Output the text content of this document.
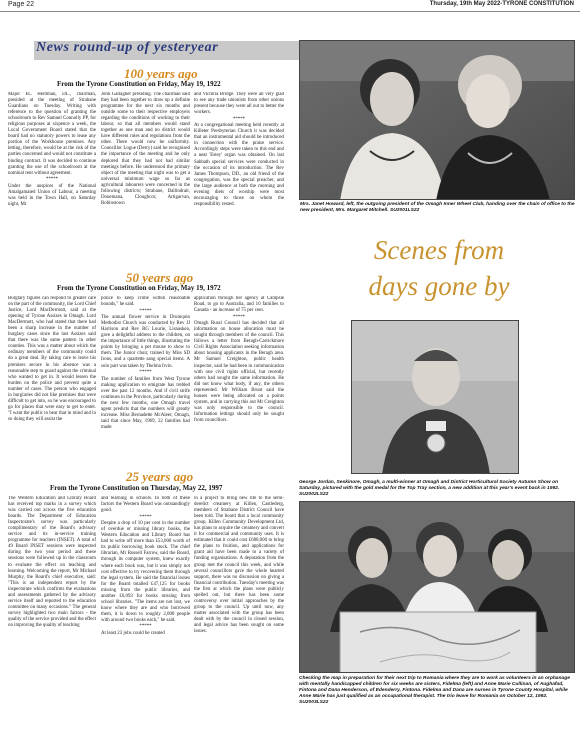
Page 22	Thursday, 19th May 2022-TYRONE CONSTITUTION
News round-up of yesteryear
100 years ago
From the Tyrone Constitution on Friday, May 19, 1922

Major EC Herdman, DL., chairman, presided at the meeting of Strabane Guardians on Tuesday. Writing with reference to the question of granting the schoolroom to Rev Samuel Connolly PP, for religious purposes at sixpence a week, the Local Government Board stated that the board had no statutory powers to lease any portion of the Workhouse premises. Any letting, therefore, would be at the risk of the parties concerned and would not constitute a binding contract. It was decided to continue granting the use of the schoolroom at the nominal rent without agreement.

*****

Under the auspices of the National Amalgamated Union of Labour, a meeting was held in the Town Hall, on Saturday night, Mr

John Gallagher presiding. The chairman said they had been together to draw up a definite programme for the next six months and outside some to their respective employers regarding the conditions of working to their labour, so that all members would stand together as one man and no district would have different rules and regulations from the other. There would now be uniformity. Councillor Logue (Derry) said he recognised the importance of the meeting and he only deplored that they had not had similar meetings before. He understood the primary object of the meeting that night was to get a universal minimum wage so far as agricultural labourers were concerned in the following districts; Strabane, Ballindrait, Donemana, Cloughcor, Artigarvan, Robinstown

and Victoria Bridge. They were all very glad to see any trade unionists from other unions present because they were all out to better the workers.

*****

At a congregational meeting held recently at Killeter Presbyterian Church it was decided that an instrumental aid should be introduced in connection with the praise service. Accordingly steps were taken to this end and a neat 'Estey' organ was obtained. On last Sabbath special services were conducted in the occasion of its introduction. The Rev James Thompson, DD., an old friend of the congregation, was the special preacher, and the large audience at both the morning and evening diets of worship were most encouraging to those on whom the responsibility rested.

50 years ago
From the Tyrone Constitution on Friday, May 19, 1972

Burglary figures can respond to greater care on the part of the community, the Lord Chief Justice, Lord MacDermott, said at the opening of Tyrone Assizes in Omagh. Lord MacDermott, who had stated that there had been a sharp increase in the number of burglary cases since the last Assizes said that there was the same pattern in other counties. This was a matter about which the ordinary members of the community could do a great deal. By taking care to leave his premises secure in his absence was a reasonable step to guard against the criminal who wanted to get in. It would lessen the burden on the police and prevent quite a number of cases. The person who engaged in burglaries did not like premises that were difficult to get into, so he was encouraged to go for places that were easy to get to enter. "I want the public to bear that in mind and in so doing they will assist the

police to keep crime within reasonable bounds," he said.

*****

The annual flower service in Drumquin Methodist Church was conducted by Rev JJ Harrison and Rev RG Lourie, Lisnaskea, gave a delightful address to the children, on the importance of little things, illustrating the points by bringing a pet mouse to show to them. The Junior choir, trained by Miss SD Irons, and a quartette sang special items. A solo part was taken by Thelma Irvin.

*****

The number of families from West Tyrone making application to emigrate has trebled over the past 12 months. And if civil strife continues in the Province, particularly during the next few months, one Omagh travel agent predicts that the numbers will greatly increase. Miss Bernadette McAleer, Omagh, said that since May, 1969, 22 families had made

application through her agency at Campsie Road, to go to Australia, and 10 families to Canada - an increase of 75 per cent.

*****

Omagh Rural Council has decided that all information on house allocation must be sought through members of the council. This follows a letter from Beragh-Carrickmore Civil Rights Association seeking information about housing applicants in the Beragh area. Mr Samuel Creighton, public health inspector, said he had been in communication with one civil rights official, but recently others had sought the same information. He did not know what body, if any, the others represented. Mr William Brunt said the houses were being allocated on a points system, and in carrying this out Mr Creighton was only responsible to the council. Information lettings should only be sought from councillors.

25 years ago
From the Tyrone Constitution on Thursday, May 22, 1997

The Western Education and Library Board has received top marks in a survey which was carried out across the five education boards. The Department of Education Inspectorate's survey was particularly complimentary of the Board's advisory service and its in-service training programme for teachers (INSET). A total of 49 Board INSET sessions were inspected during the two year period and these sessions were followed up in the classroom to evaluate the effect on teaching and learning. Welcoming the report, Mr Michael Murphy, the Board's chief executive, said: "This is an independent report by the inspectorate which confirms the evaluations and assessments gathered by the advisory service itself and reported to the education committee on many occasions." The general survey highlighted two main factors - the quality of the service provided and the effect on improving the quality of teaching

and learning in schools. In both of these factors the Western Board was outstandingly good.

*****

Despite a drop of 10 per cent in the number of overdue or missing library books, the Western Education and Library Board has had to write off more than £53,000 worth of its public borrowing book stock. The chief librarian, Mr Russell Farrow, said the Board, through its computer system, knew exactly where each book was, but it was simply not cost effective to try recovering them through the legal system. He said the financial losses for the Board totalled £47,125 for books missing from the public libraries, and another £6,093 for books missing from school libraries. "The items are not lost, we know where they are and who borrowed them, it is down to roughly 2,000 people with around two books each," he said.

*****

At least 23 jobs could be created

in a project to bring new life to the semi-derelict creamery at Killen, Castlederg, members of Strabane District Council have been told. The board that a local community group, Killen Community Development Ltd, has plans to acquire the creamery and convert it for commercial and community uses. It is estimated that it could cost £680,000 to bring the plans to fruition, and applications for grant aid have been made to a variety of funding organisations. A deputation from the group met the council this week, and while several councillors gave the whole hearted support, there was no discussion on giving a financial contribution. Tuesday's meeting was the first at which the plans were publicly spelled out, but there has been some controversy over initial approaches by the group to the council. Up until now, any matter associated with the group has been dealt with by the council in closed session, and legal advice has been sought on some issues.

Mrs. Janet Howard, left, the outgoing president of the Omagh Inner Wheel Club, handing over the chain of office to the new president, Mrs. Margaret Mitchell. SU2001LS22
Scenes from
days gone by
George Jordan, Seskinore, Omagh, a multi-winner at Omagh and District Horticultural Society Autumn Show on Saturday, pictured with the gold medal for the Top Tray section, a new addition at this year's event back in 1992. SU2002LS22
Checking the map in preparation for their next trip to Romania where they are to work as volunteers in an orphanage with mentally handicapped children for six weeks are sisters, Fidelma (left) and Anne Marie Cullinan, of Aughafad, Fintona and Dana Henderson, of Edenderry, Fintona. Fidelma and Dana are nurses in Tyrone County Hospital, while Anne Marie has just qualified as an occupational therapist. The trio leave for Romania on October 12, 1992. SU2003LS22
